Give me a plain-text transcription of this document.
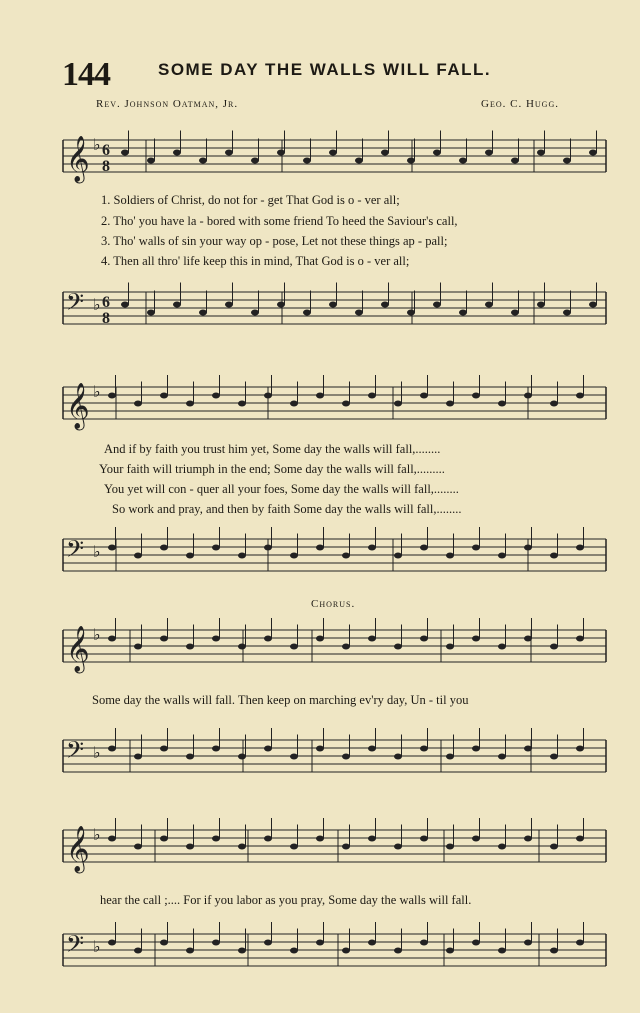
144	SOME DAY THE WALLS WILL FALL.
Rev. Johnson Oatman, Jr.	Geo. C. Hugg.
𝄞 ♭ 6
8
𝄢 ♭ 6
8
𝄞 ♭
𝄢 ♭
𝄞 ♭
𝄢 ♭
𝄞 ♭
𝄢 ♭
1. Soldiers of Christ, do not for - get That God is o - ver all;
2. Tho' you have la - bored with some friend To heed the Saviour's call,
3. Tho' walls of sin your way op - pose, Let not these things ap - pall;
4. Then all thro' life keep this in mind, That God is o - ver all;
And if by faith you trust him yet, Some day the walls will fall,........
Your faith will triumph in the end; Some day the walls will fall,.........
You yet will con - quer all your foes, Some day the walls will fall,........
So work and pray, and then by faith Some day the walls will fall,........
Chorus.
Some day the walls will fall. Then keep on marching ev'ry day, Un - til you
hear the call ;.... For if you labor as you pray, Some day the walls will fall.
